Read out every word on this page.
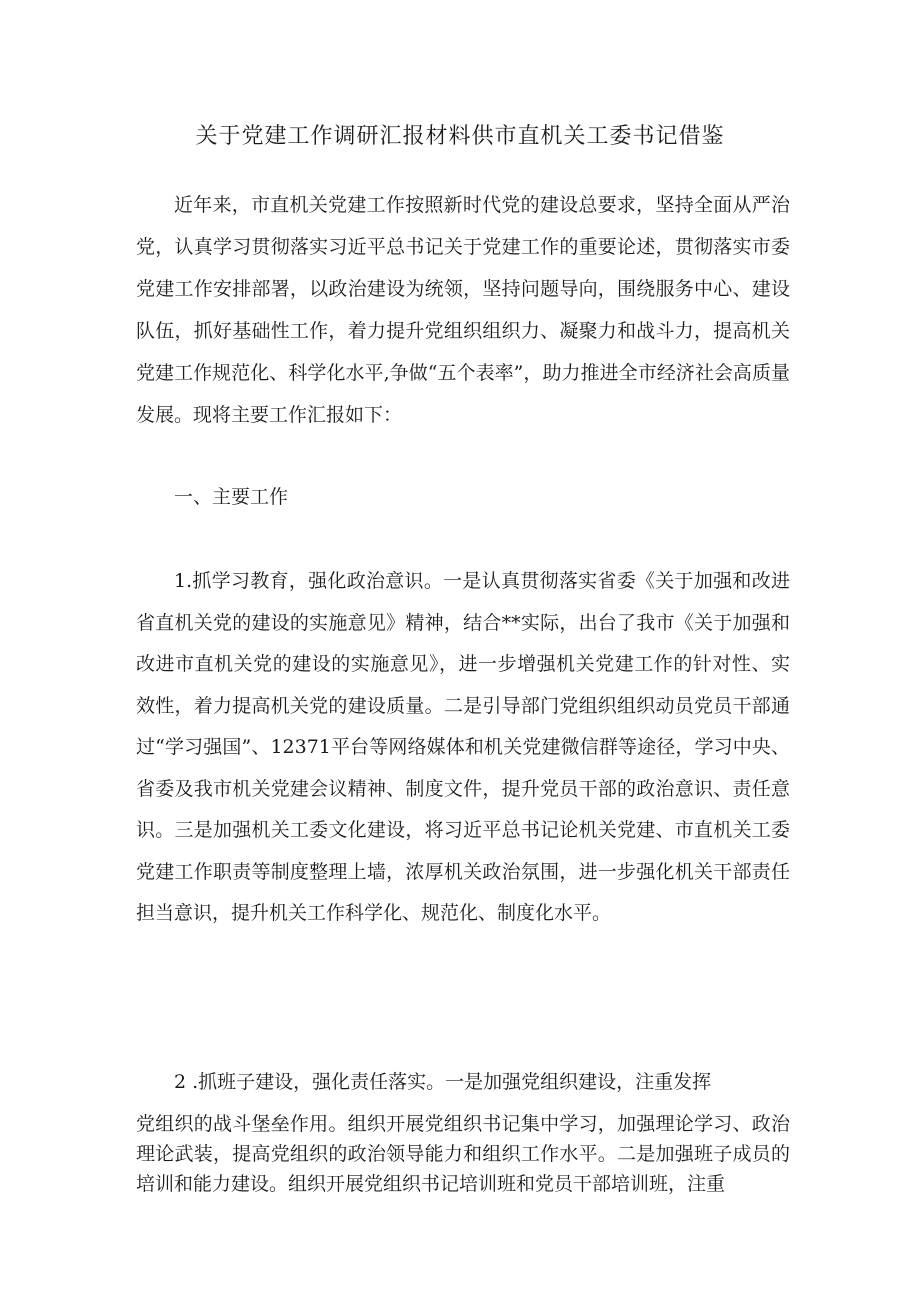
关于党建工作调研汇报材料供市直机关工委书记借鉴
近年来，市直机关党建工作按照新时代党的建设总要求，坚持全面从严治党，认真学习贯彻落实习近平总书记关于党建工作的重要论述，贯彻落实市委党建工作安排部署，以政治建设为统领，坚持问题导向，围绕服务中心、建设队伍，抓好基础性工作，着力提升党组织组织力、凝聚力和战斗力，提高机关党建工作规范化、科学化水平,争做“五个表率”，助力推进全市经济社会高质量发展。现将主要工作汇报如下：
一、主要工作
1.抓学习教育，强化政治意识。一是认真贯彻落实省委《关于加强和改进省直机关党的建设的实施意见》精神，结合**实际，出台了我市《关于加强和改进市直机关党的建设的实施意见》，进一步增强机关党建工作的针对性、实效性，着力提高机关党的建设质量。二是引导部门党组织组织动员党员干部通过“学习强国”、12371平台等网络媒体和机关党建微信群等途径，学习中央、省委及我市机关党建会议精神、制度文件，提升党员干部的政治意识、责任意识。三是加强机关工委文化建设，将习近平总书记论机关党建、市直机关工委党建工作职责等制度整理上墙，浓厚机关政治氛围，进一步强化机关干部责任担当意识，提升机关工作科学化、规范化、制度化水平。
2 .抓班子建设，强化责任落实。一是加强党组织建设，注重发挥
党组织的战斗堡垒作用。组织开展党组织书记集中学习，加强理论学习、政治理论武装，提高党组织的政治领导能力和组织工作水平。二是加强班子成员的培训和能力建设。组织开展党组织书记培训班和党员干部培训班，注重
